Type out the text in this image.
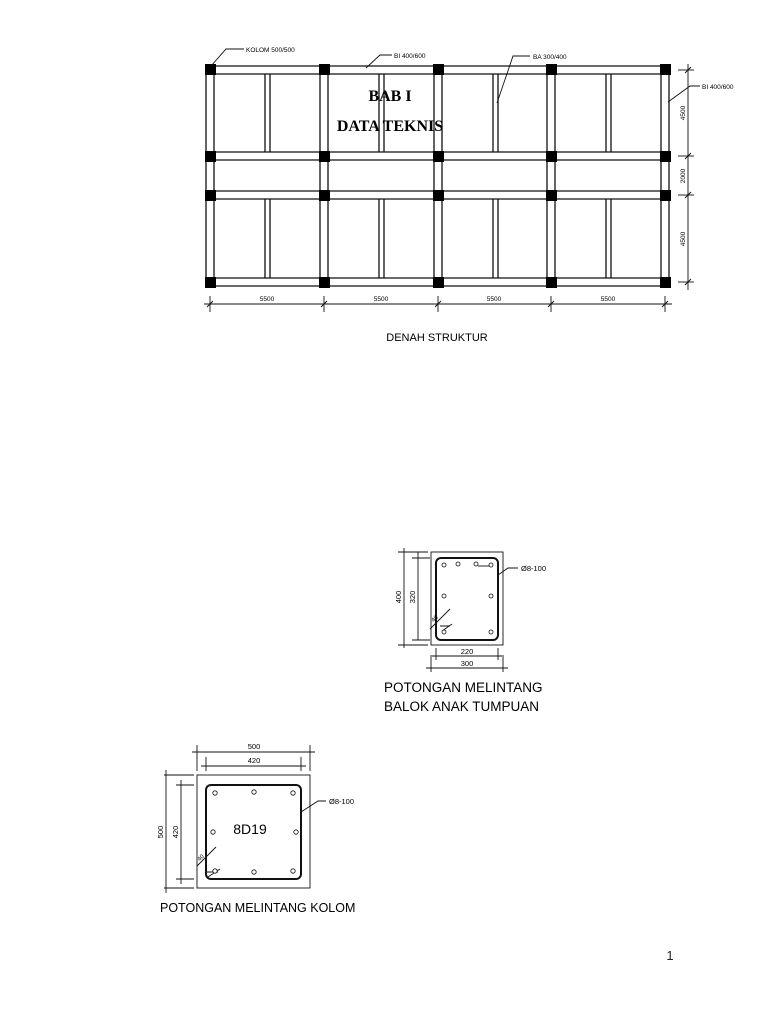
KOLOM 500/500
BI 400/600	BA 300/400
BI 400/600
5500	5500	5500	5500
4500
2000
4500
DENAH STRUKTUR
BAB I
DATA TEKNIS
400 320
220
300
Ø8-100
40
POTONGAN MELINTANG
BALOK ANAK TUMPUAN
500
420
500 420	8D19
Ø8-100
40
POTONGAN MELINTANG KOLOM
1
